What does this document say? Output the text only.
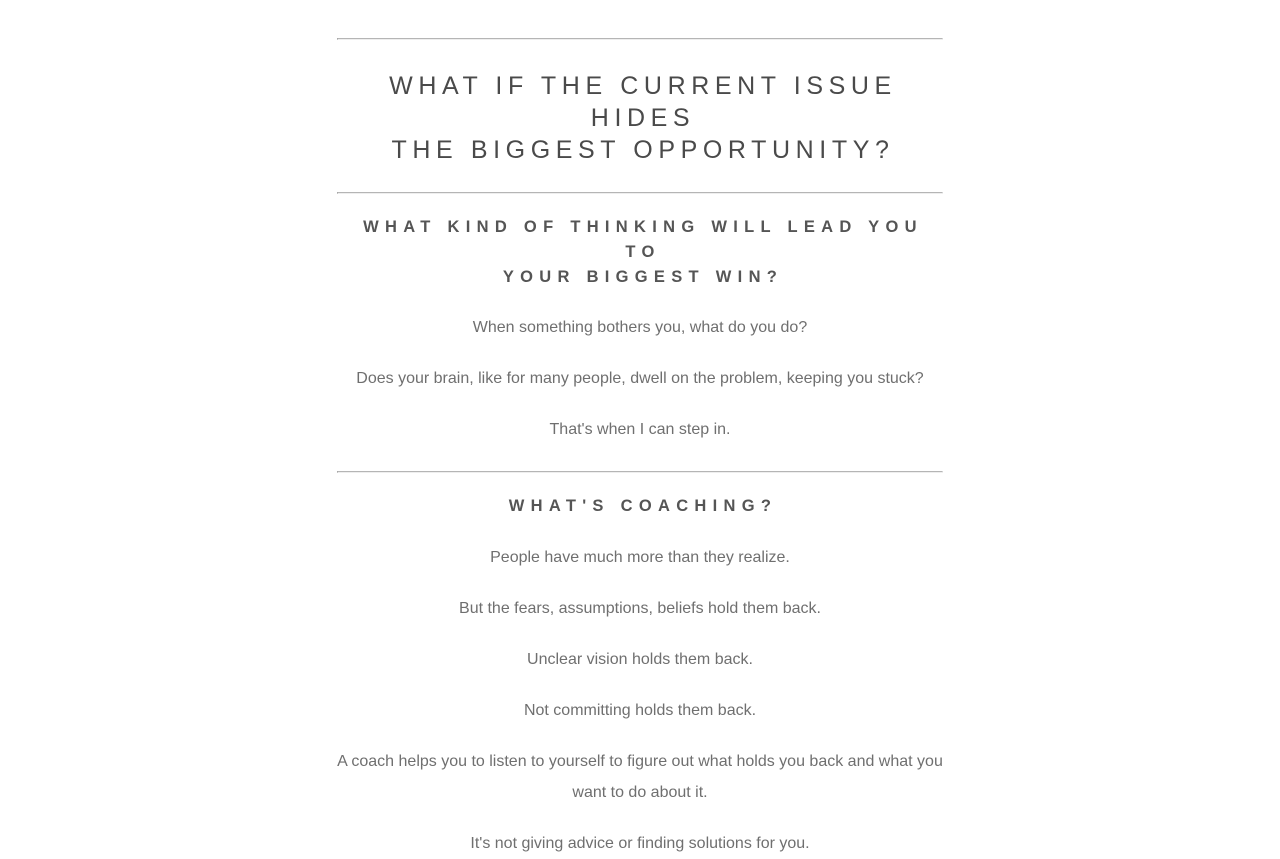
WHAT IF THE CURRENT ISSUE HIDES
THE BIGGEST OPPORTUNITY?
WHAT KIND OF THINKING WILL LEAD YOU TO
YOUR BIGGEST WIN?

When something bothers you, what do you do?

Does your brain, like for many people, dwell on the problem, keeping you stuck?

That's when I can step in.

WHAT'S COACHING?

People have much more than they realize.

But the fears, assumptions, beliefs hold them back.

Unclear vision holds them back.

Not committing holds them back.

A coach helps you to listen to yourself to figure out what holds you back and what you want to do about it.

It's not giving advice or finding solutions for you.
